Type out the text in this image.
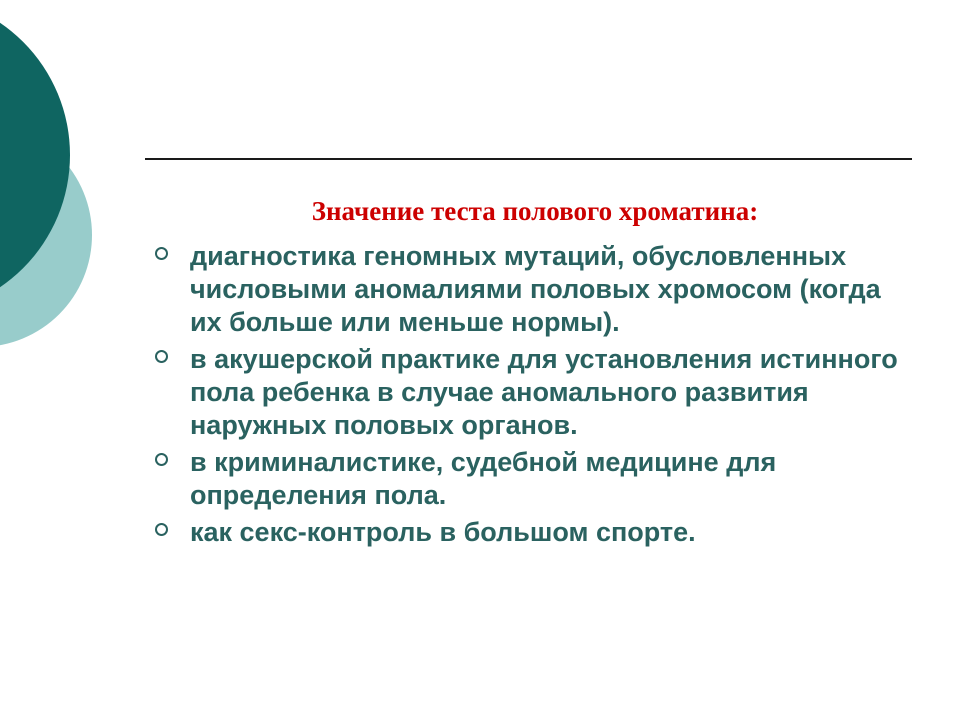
Значение теста полового хроматина:
диагностика геномных мутаций, обусловленных числовыми аномалиями половых хромосом (когда их больше или меньше нормы).
в акушерской практике для установления истинного пола ребенка в случае аномального развития наружных половых органов.
в криминалистике, судебной медицине для определения пола.
как секс-контроль в большом спорте.
